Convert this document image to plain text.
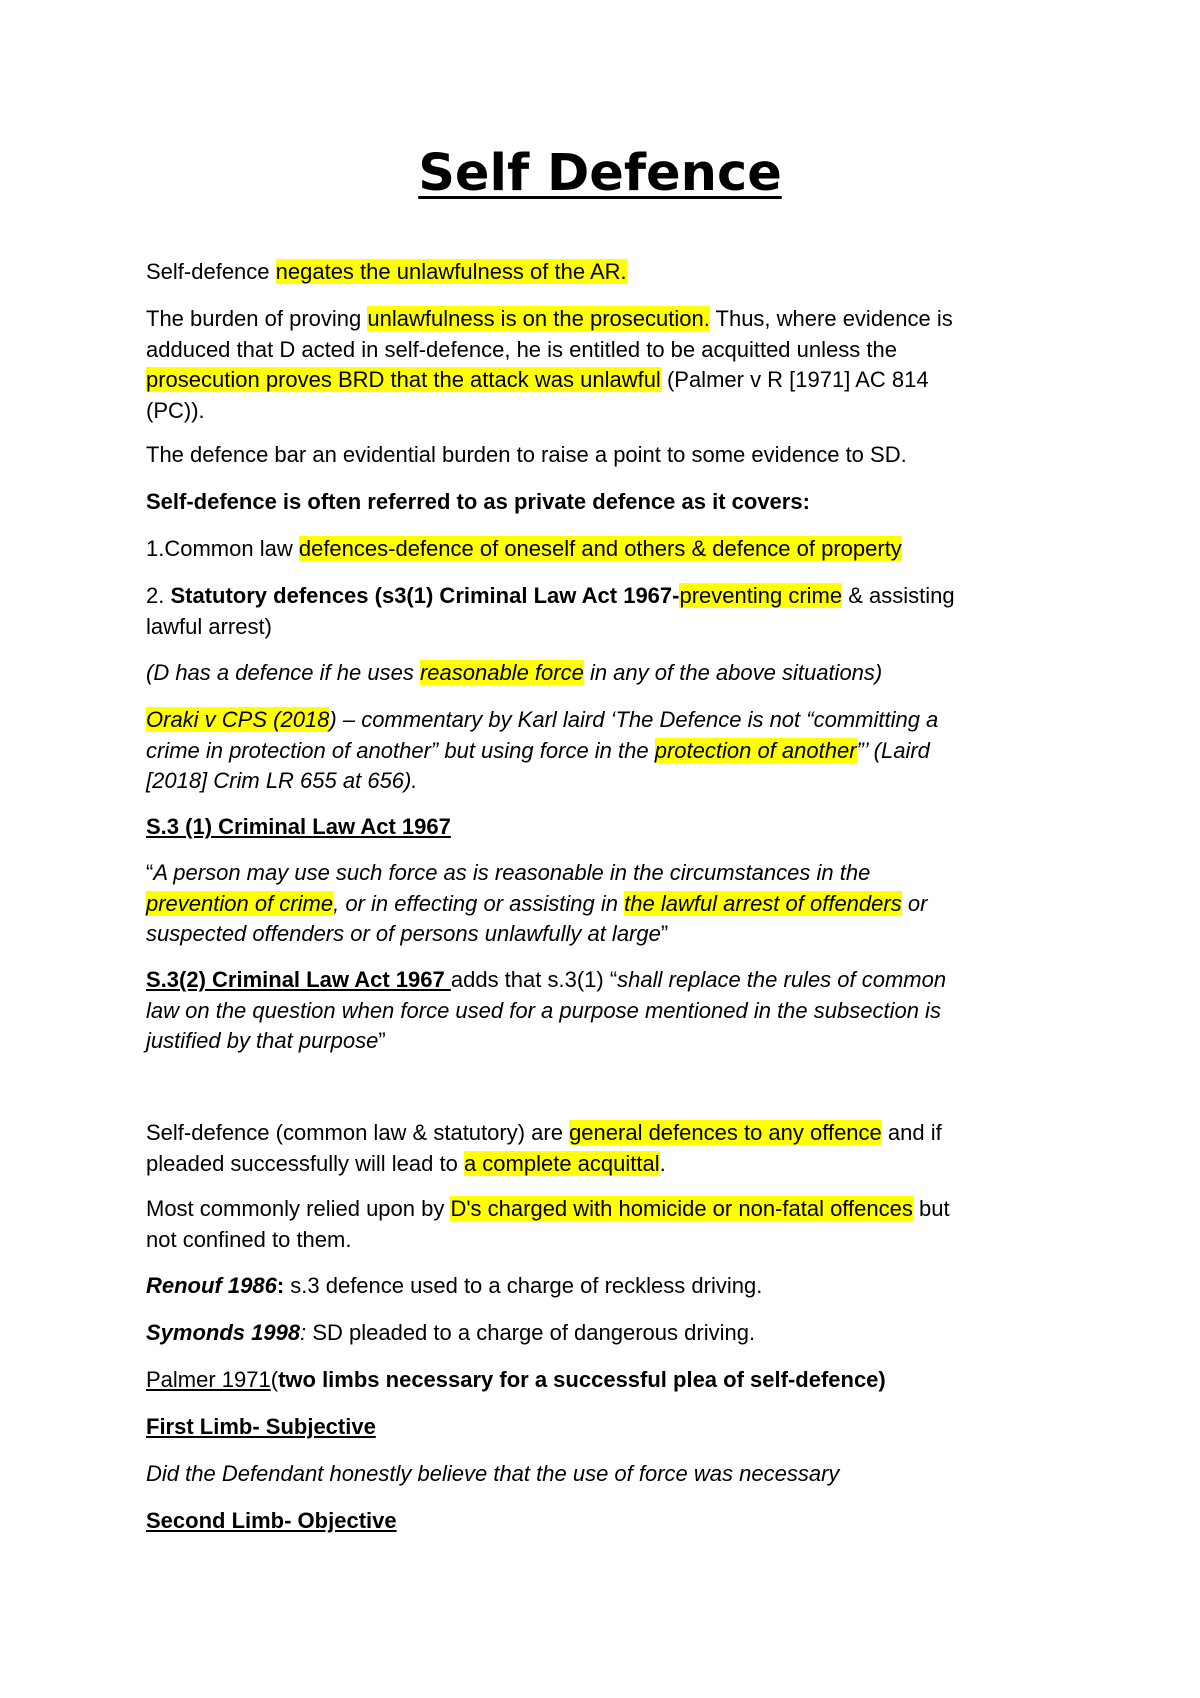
Self Defence

Self-defence negates the unlawfulness of the AR.

The burden of proving unlawfulness is on the prosecution. Thus, where evidence is
adduced that D acted in self-defence, he is entitled to be acquitted unless the
prosecution proves BRD that the attack was unlawful (Palmer v R [1971] AC 814
(PC)).

The defence bar an evidential burden to raise a point to some evidence to SD.

Self-defence is often referred to as private defence as it covers:

1.Common law defences-defence of oneself and others & defence of property

2. Statutory defences (s3(1) Criminal Law Act 1967-preventing crime & assisting
lawful arrest)

(D has a defence if he uses reasonable force in any of the above situations)

Oraki v CPS (2018) – commentary by Karl laird ‘The Defence is not “committing a
crime in protection of another” but using force in the protection of another”’ (Laird
[2018] Crim LR 655 at 656).

S.3 (1) Criminal Law Act 1967

“A person may use such force as is reasonable in the circumstances in the
prevention of crime, or in effecting or assisting in the lawful arrest of offenders or
suspected offenders or of persons unlawfully at large”

S.3(2) Criminal Law Act 1967 adds that s.3(1) “shall replace the rules of common
law on the question when force used for a purpose mentioned in the subsection is
justified by that purpose”

Self-defence (common law & statutory) are general defences to any offence and if
pleaded successfully will lead to a complete acquittal.

Most commonly relied upon by D's charged with homicide or non-fatal offences but
not confined to them.

Renouf 1986: s.3 defence used to a charge of reckless driving.

Symonds 1998: SD pleaded to a charge of dangerous driving.

Palmer 1971(two limbs necessary for a successful plea of self-defence)

First Limb- Subjective

Did the Defendant honestly believe that the use of force was necessary

Second Limb- Objective
